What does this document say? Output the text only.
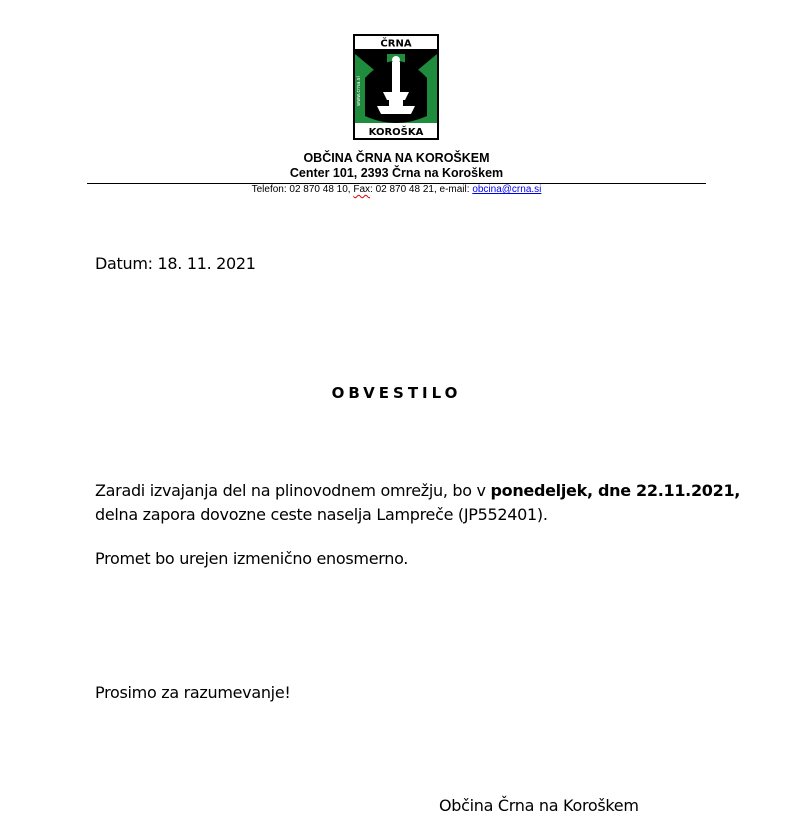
ČRNA
KOROŠKA
www.crna.si
OBČINA ČRNA NA KOROŠKEM
Center 101, 2393 Črna na Koroškem
Telefon: 02 870 48 10, Fax: 02 870 48 21, e-mail: obcina@crna.si
Datum: 18. 11. 2021
OBVESTILO
Zaradi izvajanja del na plinovodnem omrežju, bo v ponedeljek, dne 22.11.2021,
delna zapora dovozne ceste naselja Lampreče (JP552401).
Promet bo urejen izmenično enosmerno.
Prosimo za razumevanje!
Občina Črna na Koroškem
